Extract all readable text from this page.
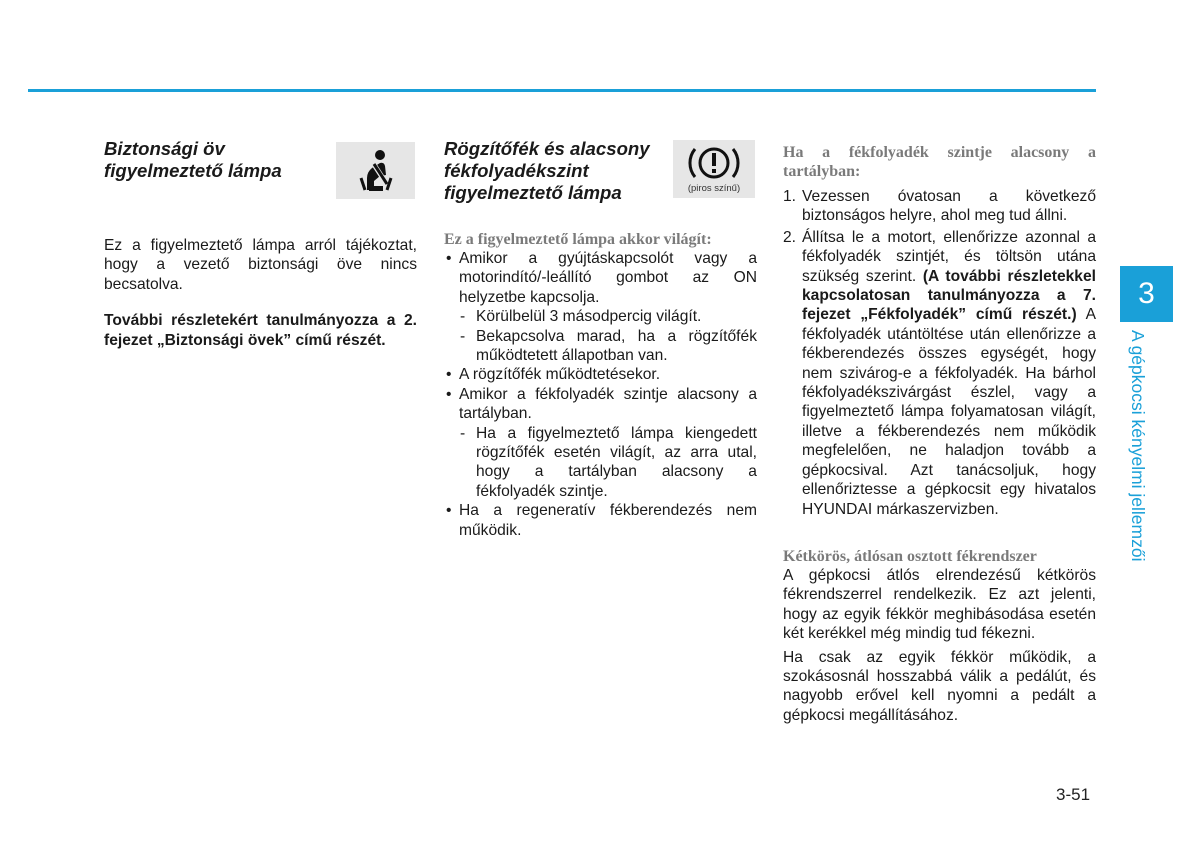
Biztonsági öv
figyelmeztető lámpa

Ez a figyelmeztető lámpa arról tájékoztat, hogy a vezető biztonsági öve nincs becsatolva.

További részletekért tanulmányozza a 2. fejezet „Biztonsági övek” című részét.

Rögzítőfék és alacsony
fékfolyadékszint
figyelmeztető lámpa	(piros színű)

Ez a figyelmeztető lámpa akkor világít:

• Amikor a gyújtáskapcsolót vagy a motorindító/-leállító gombot az ON helyzetbe kapcsolja.
- Körülbelül 3 másodpercig világít.
- Bekapcsolva marad, ha a rögzítőfék működtetett állapotban van.
• A rögzítőfék működtetésekor.
• Amikor a fékfolyadék szintje alacsony a tartályban.
- Ha a figyelmeztető lámpa kiengedett rögzítőfék esetén világít, az arra utal, hogy a tartályban alacsony a fékfolyadék szintje.
• Ha a regeneratív fékberendezés nem működik.

Ha a fékfolyadék szintje alacsony a tartályban:

1. Vezessen óvatosan a következő biztonságos helyre, ahol meg tud állni.
2. Állítsa le a motort, ellenőrizze azonnal a fékfolyadék szintjét, és töltsön utána szükség szerint. (A további részletekkel kapcsolatosan tanulmányozza a 7. fejezet „Fékfolyadék” című részét.) A fékfolyadék utántöltése után ellenőrizze a fékberendezés összes egységét, hogy nem szivárog-e a fékfolyadék. Ha bárhol fékfolyadékszivárgást észlel, vagy a figyelmeztető lámpa folyamatosan világít, illetve a fékberendezés nem működik megfelelően, ne haladjon tovább a gépkocsival. Azt tanácsoljuk, hogy ellenőriztesse a gépkocsit egy hivatalos HYUNDAI márkaszervizben.

Kétkörös, átlósan osztott fékrendszer

A gépkocsi átlós elrendezésű kétkörös fékrendszerrel rendelkezik. Ez azt jelenti, hogy az egyik fékkör meghibásodása esetén két kerékkel még mindig tud fékezni.

Ha csak az egyik fékkör működik, a szokásosnál hosszabbá válik a pedálút, és nagyobb erővel kell nyomni a pedált a gépkocsi megállításához.

3
A gépkocsi kényelmi jellemzői
3-51
